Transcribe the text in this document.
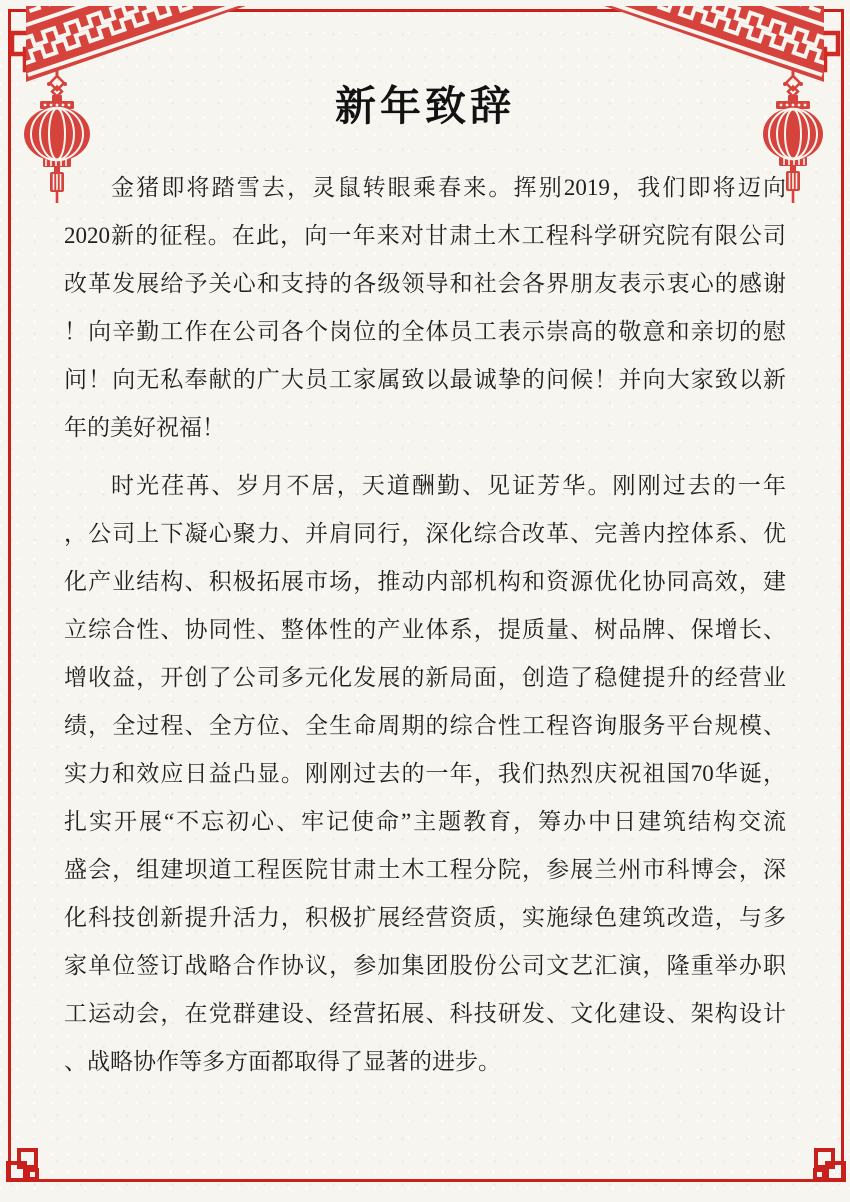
新年致辞
金猪即将踏雪去，灵鼠转眼乘春来。挥别2019，我们即将迈向
2020新的征程。在此，向一年来对甘肃土木工程科学研究院有限公司
改革发展给予关心和支持的各级领导和社会各界朋友表示衷心的感谢
！向辛勤工作在公司各个岗位的全体员工表示崇高的敬意和亲切的慰
问！向无私奉献的广大员工家属致以最诚挚的问候！并向大家致以新
年的美好祝福！
时光荏苒、岁月不居，天道酬勤、见证芳华。刚刚过去的一年
，公司上下凝心聚力、并肩同行，深化综合改革、完善内控体系、优
化产业结构、积极拓展市场，推动内部机构和资源优化协同高效，建
立综合性、协同性、整体性的产业体系，提质量、树品牌、保增长、
增收益，开创了公司多元化发展的新局面，创造了稳健提升的经营业
绩，全过程、全方位、全生命周期的综合性工程咨询服务平台规模、
实力和效应日益凸显。刚刚过去的一年，我们热烈庆祝祖国70华诞，
扎实开展“不忘初心、牢记使命”主题教育，筹办中日建筑结构交流
盛会，组建坝道工程医院甘肃土木工程分院，参展兰州市科博会，深
化科技创新提升活力，积极扩展经营资质，实施绿色建筑改造，与多
家单位签订战略合作协议，参加集团股份公司文艺汇演，隆重举办职
工运动会，在党群建设、经营拓展、科技研发、文化建设、架构设计
、战略协作等多方面都取得了显著的进步。
